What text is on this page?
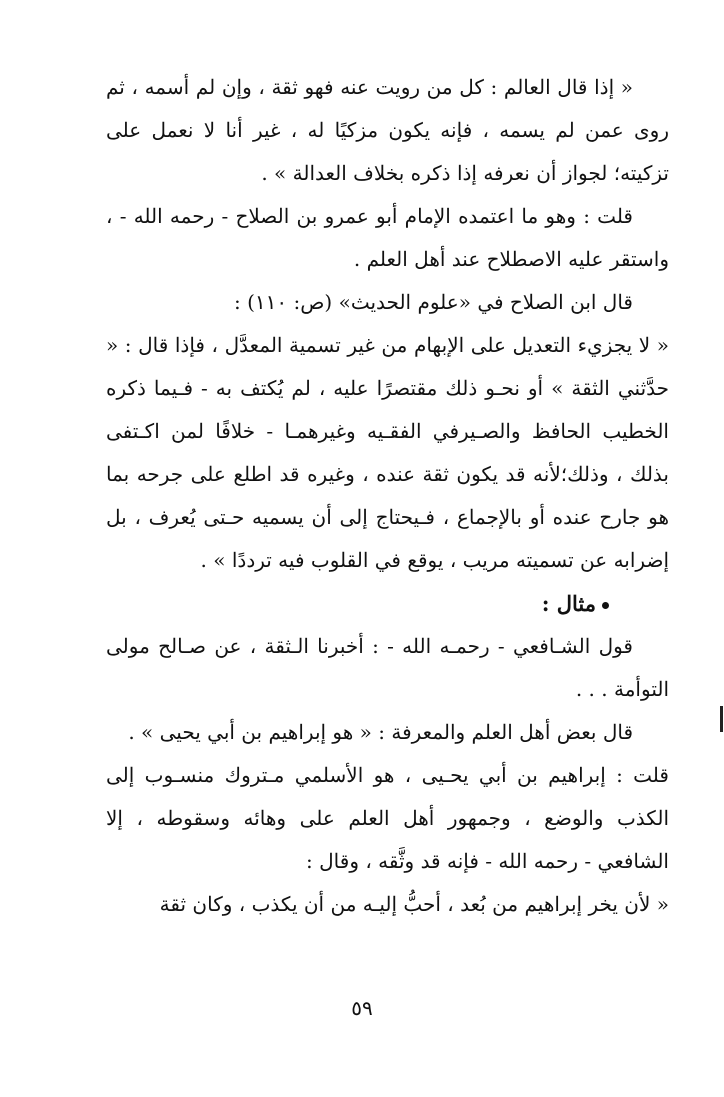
« إذا قال العالم : كل من رويت عنه فهو ثقة ، وإن لم أسمه ، ثم روى عمن لم يسمه ، فإنه يكون مزكيًا له ، غير أنا لا نعمل على تزكيته؛ لجواز أن نعرفه إذا ذكره بخلاف العدالة » .

قلت : وهو ما اعتمده الإمام أبو عمرو بن الصلاح - رحمه الله - ، واستقر عليه الاصطلاح عند أهل العلم .

قال ابن الصلاح في «علوم الحديث» (ص: ١١٠) :

« لا يجزيء التعديل على الإبهام من غير تسمية المعدَّل ، فإذا قال : « حدَّثني الثقة » أو نحـو ذلك مقتصرًا عليه ، لم يُكتف به - فـيما ذكره الخطيب الحافظ والصـيرفي الفقـيه وغيرهمـا - خلافًا لمن اكـتفى بذلك ، وذلك؛لأنه قد يكون ثقة عنده ، وغيره قد اطلع على جرحه بما هو جارح عنده أو بالإجماع ، فـيحتاج إلى أن يسميه حـتى يُعرف ، بل إضرابه عن تسميته مريب ، يوقع في القلوب فيه ترددًا » .

مثال :

قول الشـافعي - رحمـه الله - : أخبرنا الـثقة ، عن صـالح مولى التوأمة . . .

قال بعض أهل العلم والمعرفة : « هو إبراهيم بن أبي يحيى » .

قلت : إبراهيم بن أبي يحـيى ، هو الأسلمي مـتروك منسـوب إلى الكذب والوضع ، وجمهور أهل العلم على وهائه وسقوطه ، إلا الشافعي - رحمه الله - فإنه قد وثَّقه ، وقال :

« لأن يخر إبراهيم من بُعد ، أحبُّ إليـه من أن يكذب ، وكان ثقة

٥٩
